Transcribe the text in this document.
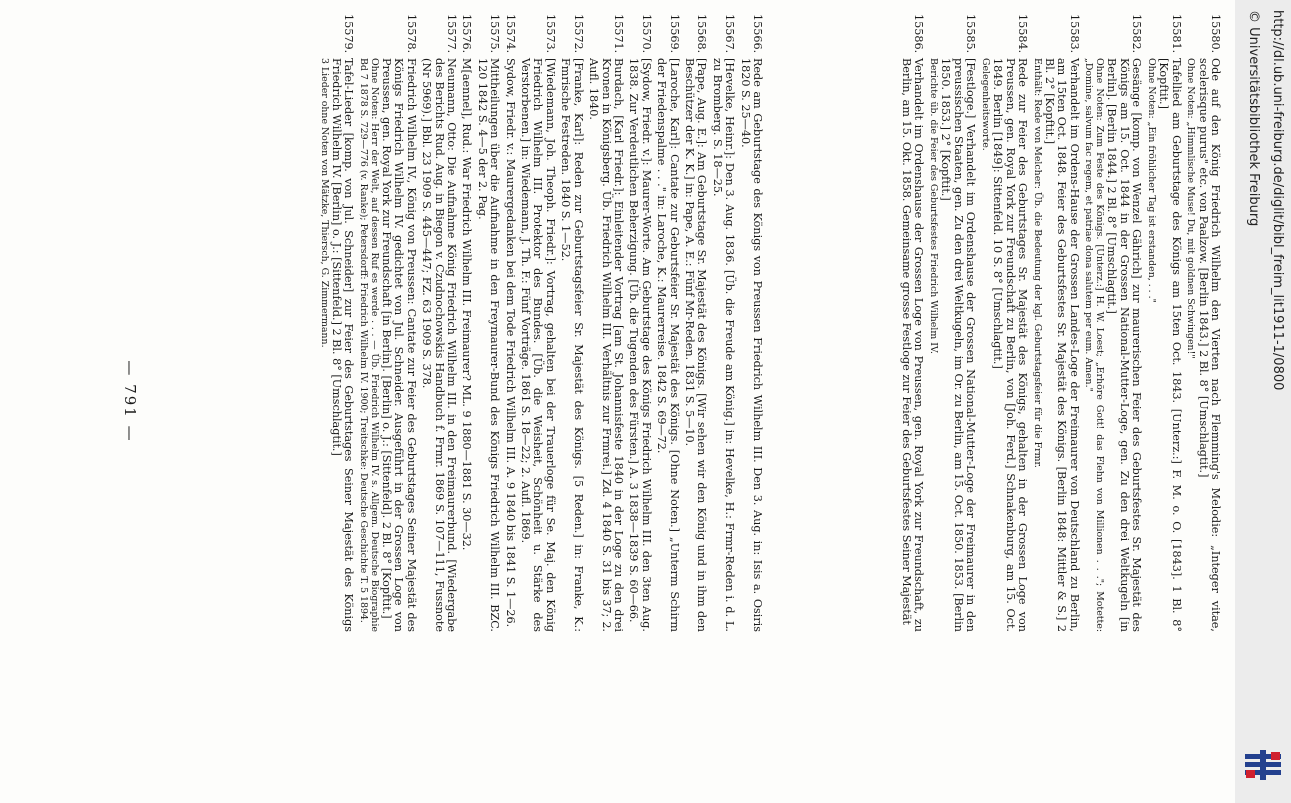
— 791 —
15566.
Rede am Geburtstage des Königs von Preussen Friedrich Wilhelm III. Den 3. Aug. in: Isis a. Osiris 1820 S. 25—40.
15567.
[Hevelke, Heinr.]: Den 3. Aug. 1836. [Üb. die Freude am König.] in: Hevelke, H.: Frmr-Reden i. d. L. zu Bromberg. S. 18—25.
15568.
[Pape, Aug. E.]: Am Geburtstage Sr. Majestät des Königs. [Wir sehen wir den König und in ihm den Beschützer der K. K.] in: Pape, A. E.: Fünf Mr-Reden. 1831 S. 5—10.
15569.
[Laroche, Karl]: Cantate zur Geburtsfeier Sr. Majestät des Königs. [Ohne Noten.] „Unterm Schirm der Friedenspalme . . ." in: Laroche, K.: Maurerreise. 1842 S. 69—72.
15570.
[Sydow, Friedr. v.]: Maurer-Worte. Am Geburtstage des Königs Friedrich Wilhelm III. den 3ten Aug. 1838. Zur Verdeutlichen Beherzigung. [Üb. die Tugenden des Fürsten.] A. 3 1838—1839 S. 60—66.
15571.
Burdach, [Karl Friedr.]: Einleitender Vortrag [am St. Johannisfeste 1840 in der Loge zu den drei Kronen in Königsberg. Üb. Friedrich Wilhelm III. Verhältnis zur Frmrei.] Zd. 4 1840 S. 31 bis 37; 2. Aufl. 1840.
15572.
[Franke, Karl]: Reden zur Geburtstagsfeier Sr. Majestät des Königs. [5 Reden.] in: Franke, K.: Fmrische Festreden. 1840 S. 1—52.
15573.
[Wiedemann, Joh. Theoph. Friedr.]: Vortrag, gehalten bei der Trauerloge für Se. Maj. den König Friedrich Wilhelm III. Protektor des Bundes. [Üb. die Weisheit, Schönheit u. Stärke des Verstorbenen.] in: Wiedemann, J. Th. F.: Fünf Vorträge. 1861 S. 18—22; 2. Aufl. 1869.
15574.
Sydow, Friedr. v.: Maurergedanken bei dem Tode Friedrich Wilhelm III. A. 9 1840 bis 1841 S. 1—26.
15575.
Mittheilungen über die Aufnahme in den Freymaurer-Bund des Königs Friedrich Wilhelm III. BZC. 120 1842 S. 4—5 der 2. Pag.
15576.
M[aennel], Rud.: War Friedrich Wilhelm III. Freimaurer? ML. 9 1880—1881 S. 30—32.
15577.
Neumann, Otto: Die Aufnahme König Friedrich Wilhelm III. in den Freimaurerbund. [Wiedergabe des Berichts Rud. Aug. in Biegon v. Czudnochowskis Handbuch f. Frmr. 1869 S. 107—111, Fussnote (Nr 5969).] Bbl. 23 1909 S. 445—447; FZ. 63 1909 S. 378.
15578.
Friedrich Wilhelm IV., König von Preussen: Cantate zur Feier des Geburtstages Seiner Majestät des Königs Friedrich Wilhelm IV. gedichtet von Jul. Schneider. Ausgeführt in der Grossen Loge von Preussen, gen. Royal York zur Freundschaft [in Berlin]. [Berlin] o. J.: [Sittenfeld]. 2 Bl. 8° [Kopftit.]
Ohne Noten: Herr der Welt, auf dessen Ruf es werde . . . — Üb. Friedrich Wilhelm IV. s. Allgem. Deutsche Biographie Bd 7 1878 S. 729—776 (v. Ranke); Petersdorff: Friedrich Wilhelm IV. 1900; Treitschke: Deutsche Geschichte T. 5 1894.
15579.
Tafel-Lieder [komp. von Jul. Schneider] zur Feier des Geburtstages Seiner Majestät des Königs Friedrich Wilhelm IV. [Berlin] o. J.: [Sittenfeld.] 2 Bl. 8° [Umschlagtit.]
3 Lieder ohne Noten von Mätzke, Thiersch, G. Zimmermann.
15580.
Ode auf den König Friedrich Wilhelm den Vierten nach Flemming's Melodie: „Integer vitae, scelerisque purus" etc. von Paalzow. [Berlin 1843.] 2 Bl. 8° [Umschlagtit.]
Ohne Noten: „Himmlische Muse! Du, mit goldnen Schwingen!"
15581.
Tafellied am Geburtstage des Königs am 15ten Oct. 1843. [Unterz.:] F. M. o. O. [1843]. 1 Bl. 8° [Kopftit.]
Ohne Noten: „Ein fröhlicher Tag ist erstanden, . . ."
15582.
Gesänge [komp. von Wenzel Gährich] zur maurerischen Feier des Geburtsfestes Sr. Majestät des Königs am 15. Oct. 1844 in der Grossen National-Mutter-Loge, gen. Zu den drei Weltkugeln [in Berlin]. [Berlin 1844.] 2 Bl. 8° [Umschlagtit.]
Ohne Noten: Zum Feste des Königs. [Unterz.:] H. W. Loest; „Erhöre Gott! das Flehn von Millionen . . ."; Motette: „Domine, salvum fac regem, et patriae dona salutem per eum. Amen."
15583.
Verhandelt im Ordens-Hause der Grossen Landes-Loge der Freimaurer von Deutschland zu Berlin, am 15ten Oct. 1848. Feier des Geburtsfestes Sr. Majestät des Königs. [Berlin 1848: Mittler & S.] 2 Bl. 2° [Kopftit.]
Enthält: Rede von Melcher: Üb. die Bedeutung der kgl. Geburtstagsfeier für die Frmr.
15584.
Rede zur Feier des Geburtstages Sr. Majestät des Königs, gehalten in der Grossen Loge von Preussen, gen. Royal York zur Freundschaft zu Berlin, von [Joh. Ferd.] Schnakenburg, am 15. Oct. 1849. Berlin [1849]: Sittenfeld. 10 S. 8° [Umschlagtit.]
Gelegenheitsworte.
15585.
[Festloge.] Verhandelt im Ordenshause der Grossen National-Mutter-Loge der Freimaurer in den preussischen Staaten, gen. Zu den drei Weltkugeln, im Or. zu Berlin, am 15. Oct. 1850. 1853. [Berlin 1850. 1853.] 2° [Kopftit.]
Berichte üb. die Feier des Geburtsfestes Friedrich Wilhelm IV.
15586.
Verhandelt im Ordenshause der Grossen Loge von Preussen, gen. Royal York zur Freundschaft, zu Berlin, am 15. Okt. 1858. Gemeinsame grosse Festloge zur Feier des Geburtsfestes Seiner Majestät	http://dl.ub.uni-freiburg.de/diglit/bibl_freim_lit1911-1/0800
© Universitätsbibliothek Freiburg
